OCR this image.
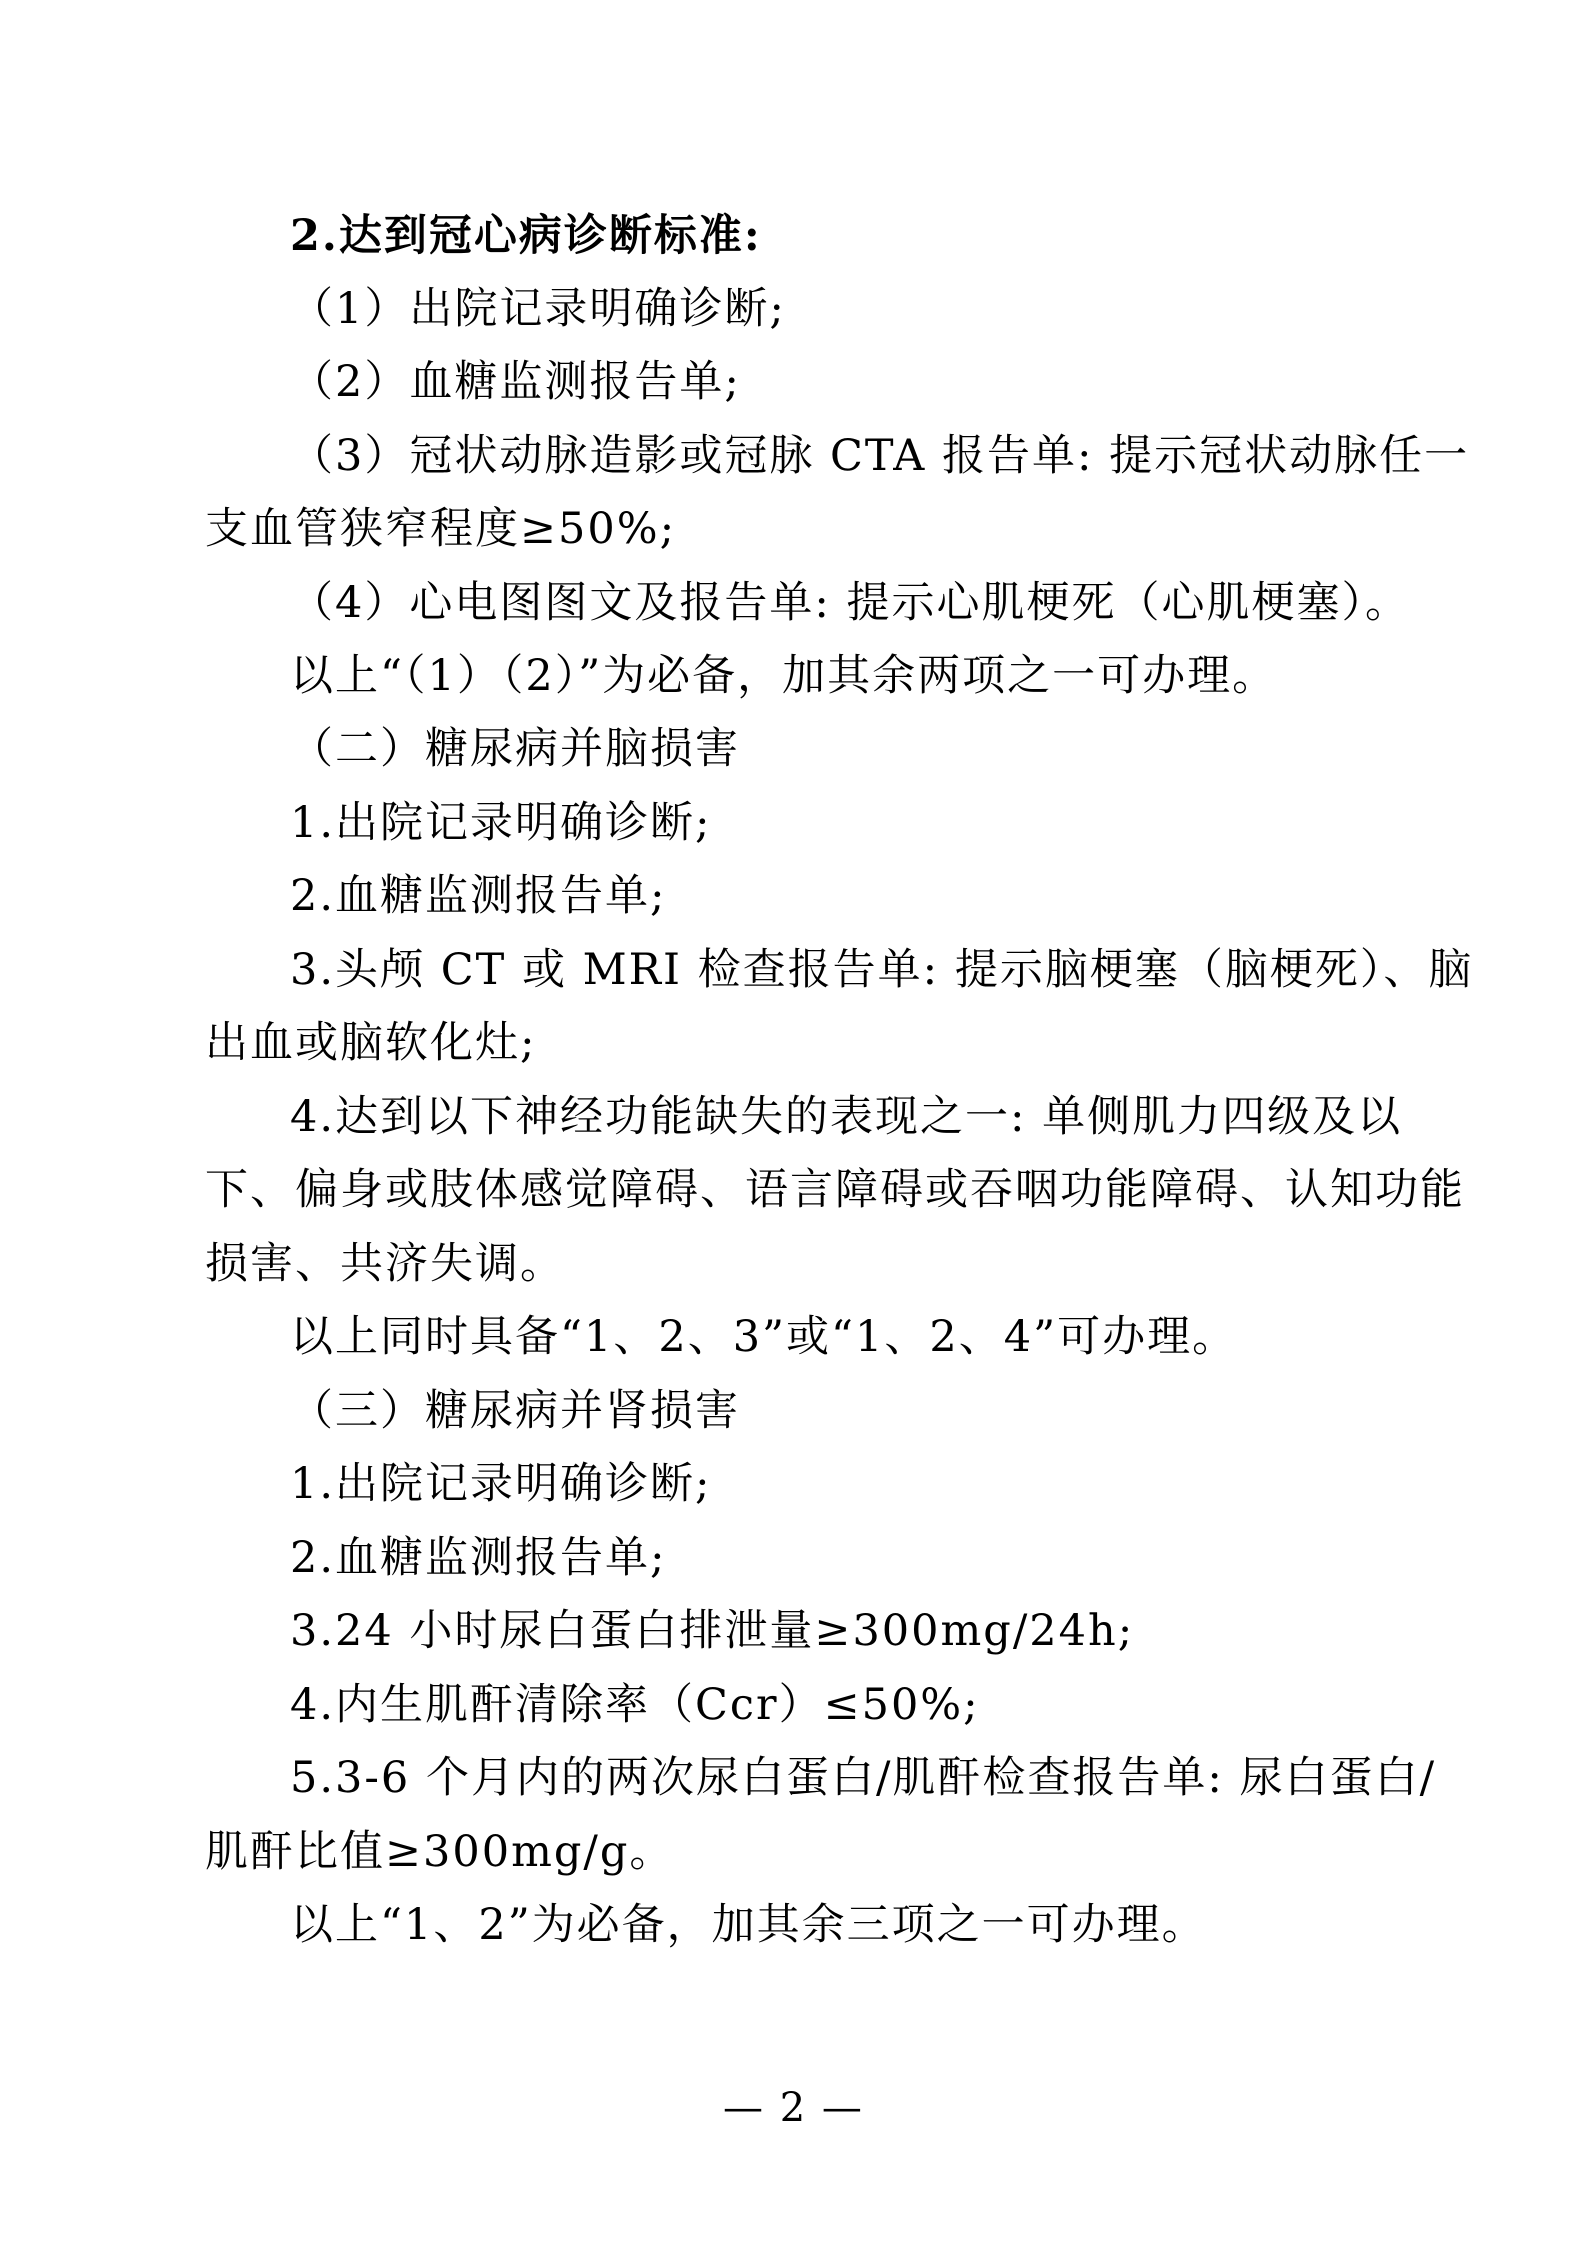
2.达到冠心病诊断标准:
（1）出院记录明确诊断;
（2）血糖监测报告单;
（3）冠状动脉造影或冠脉 CTA 报告单: 提示冠状动脉任一
支血管狭窄程度≥50%;
（4）心电图图文及报告单: 提示心肌梗死（心肌梗塞）。
以上“（1）（2）”为必备，加其余两项之一可办理。
（二）糖尿病并脑损害
1.出院记录明确诊断;
2.血糖监测报告单;
3.头颅 CT 或 MRI 检查报告单: 提示脑梗塞（脑梗死）、脑
出血或脑软化灶;
4.达到以下神经功能缺失的表现之一: 单侧肌力四级及以
下、偏身或肢体感觉障碍、语言障碍或吞咽功能障碍、认知功能
损害、共济失调。
以上同时具备“1、2、3”或“1、2、4”可办理。
（三）糖尿病并肾损害
1.出院记录明确诊断;
2.血糖监测报告单;
3.24 小时尿白蛋白排泄量≥300mg/24h;
4.内生肌酐清除率（Ccr）≤50%;
5.3-6 个月内的两次尿白蛋白/肌酐检查报告单: 尿白蛋白/
肌酐比值≥300mg/g。
以上“1、2”为必备，加其余三项之一可办理。
— 2 —
